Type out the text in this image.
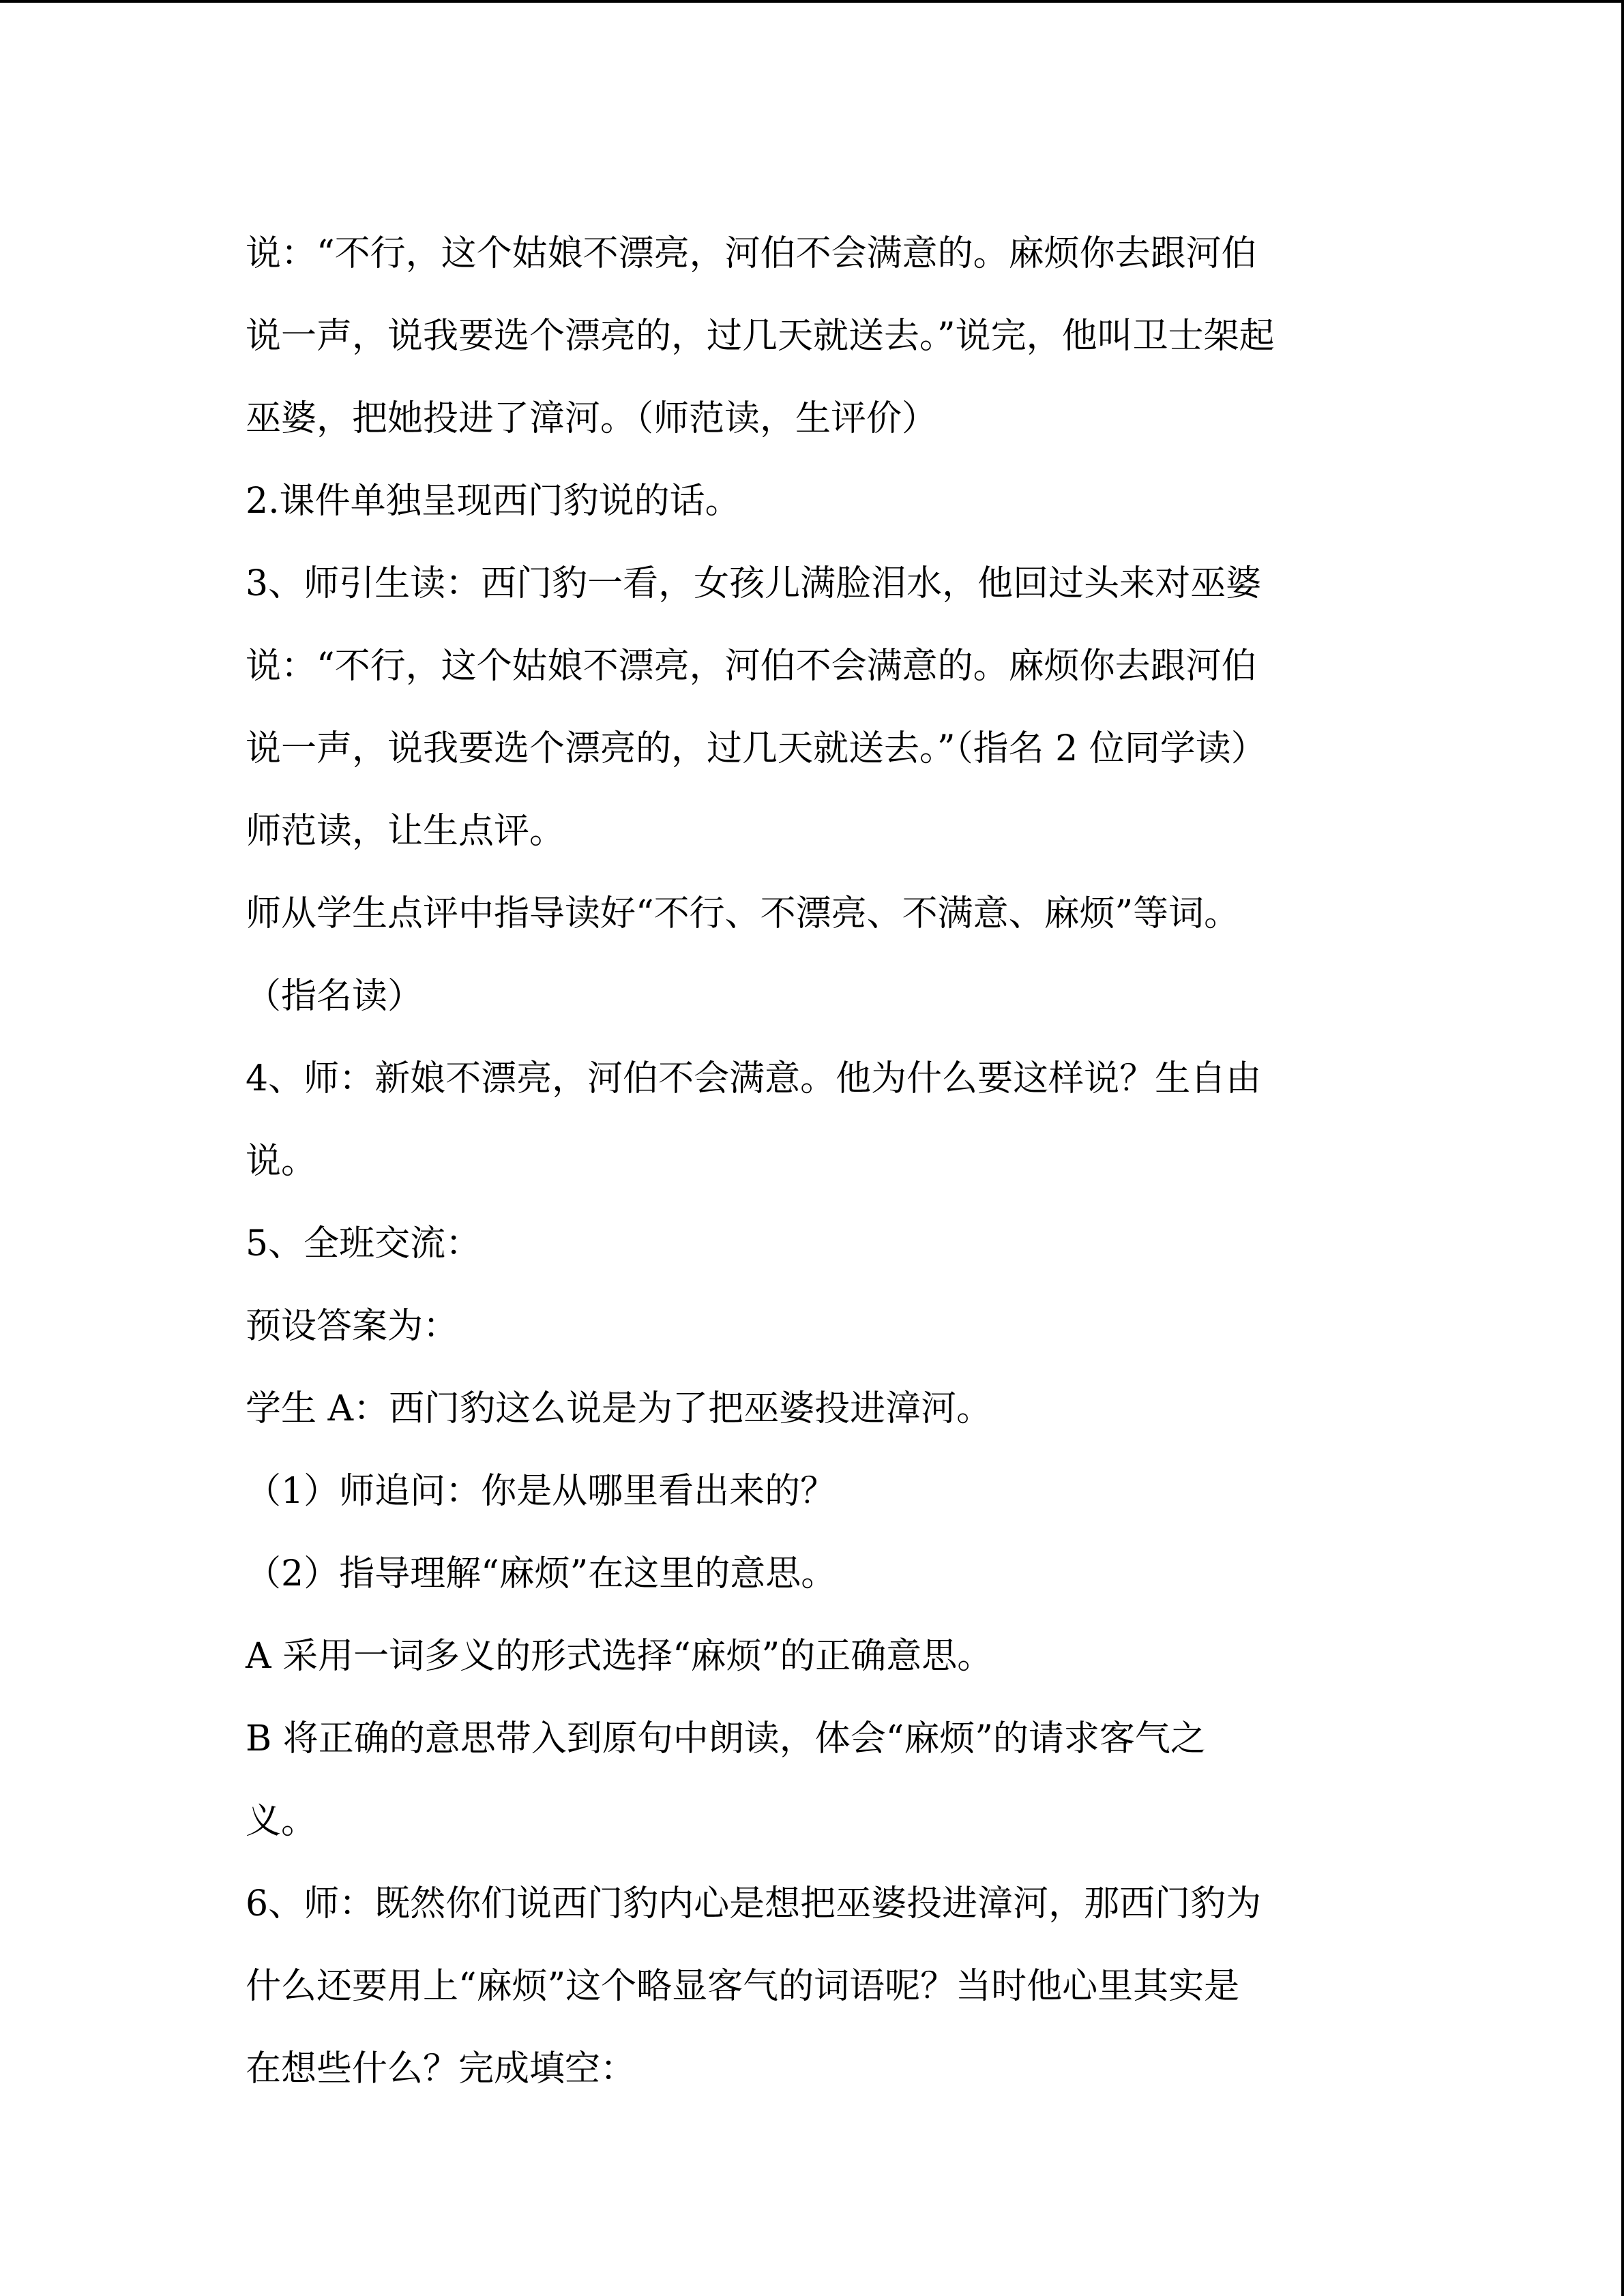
说：“不行，这个姑娘不漂亮，河伯不会满意的。麻烦你去跟河伯
说一声，说我要选个漂亮的，过几天就送去。”说完，他叫卫士架起
巫婆，把她投进了漳河。（师范读，生评价）
2.课件单独呈现西门豹说的话。
3、师引生读：西门豹一看，女孩儿满脸泪水，他回过头来对巫婆
说：“不行，这个姑娘不漂亮，河伯不会满意的。麻烦你去跟河伯
说一声，说我要选个漂亮的，过几天就送去。”（指名 2 位同学读）
师范读，让生点评。
师从学生点评中指导读好“不行、不漂亮、不满意、麻烦”等词。
（指名读）
4、师：新娘不漂亮，河伯不会满意。他为什么要这样说？生自由
说。
5、全班交流：
预设答案为：
学生 A：西门豹这么说是为了把巫婆投进漳河。
（1）师追问：你是从哪里看出来的？
（2）指导理解“麻烦”在这里的意思。
A 采用一词多义的形式选择“麻烦”的正确意思。
B 将正确的意思带入到原句中朗读，体会“麻烦”的请求客气之
义。
6、师：既然你们说西门豹内心是想把巫婆投进漳河，那西门豹为
什么还要用上“麻烦”这个略显客气的词语呢？当时他心里其实是
在想些什么？完成填空：
